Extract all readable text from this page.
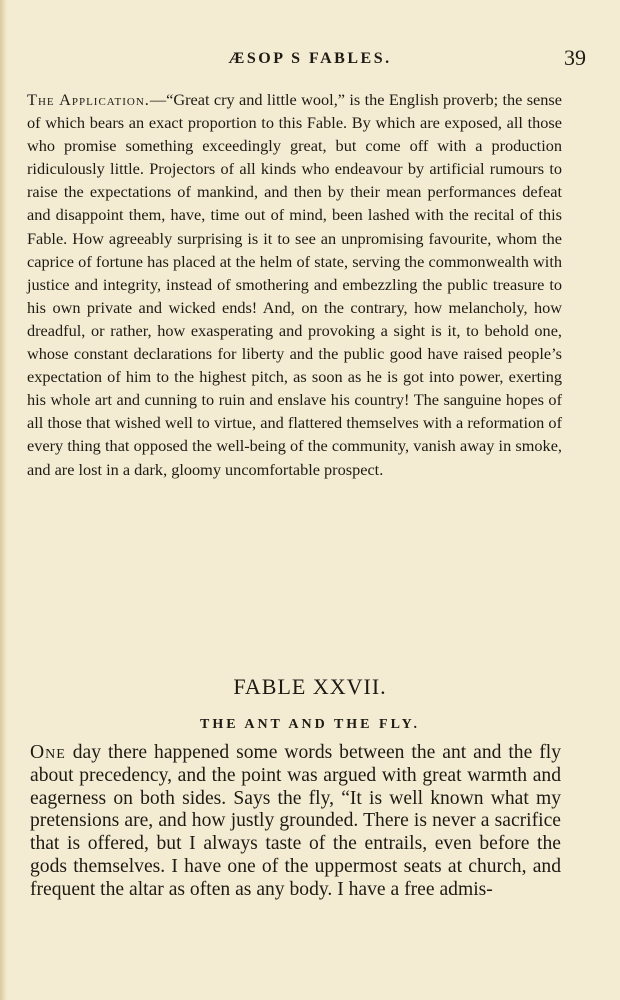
ÆSOP S FABLES.	39

The Application.—“Great cry and little wool,” is the English proverb; the sense of which bears an exact proportion to this Fable. By which are exposed, all those who promise something exceedingly great, but come off with a production ridiculously little. Projectors of all kinds who endeavour by artificial rumours to raise the expectations of mankind, and then by their mean performances defeat and disappoint them, have, time out of mind, been lashed with the recital of this Fable. How agreeably surprising is it to see an unpromising favourite, whom the caprice of fortune has placed at the helm of state, serving the commonwealth with justice and integrity, instead of smothering and embezzling the public treasure to his own private and wicked ends! And, on the contrary, how melancholy, how dreadful, or rather, how exasperating and provoking a sight is it, to behold one, whose constant declarations for liberty and the public good have raised people’s expectation of him to the highest pitch, as soon as he is got into power, exerting his whole art and cunning to ruin and enslave his country! The sanguine hopes of all those that wished well to virtue, and flattered themselves with a reformation of every thing that opposed the well-being of the community, vanish away in smoke, and are lost in a dark, gloomy uncomfortable prospect.

FABLE XXVII.
THE ANT AND THE FLY.

One day there happened some words between the ant and the fly about precedency, and the point was argued with great warmth and eagerness on both sides. Says the fly, “It is well known what my pretensions are, and how justly grounded. There is never a sacrifice that is offered, but I always taste of the entrails, even before the gods themselves. I have one of the uppermost seats at church, and frequent the altar as often as any body. I have a free admis-
